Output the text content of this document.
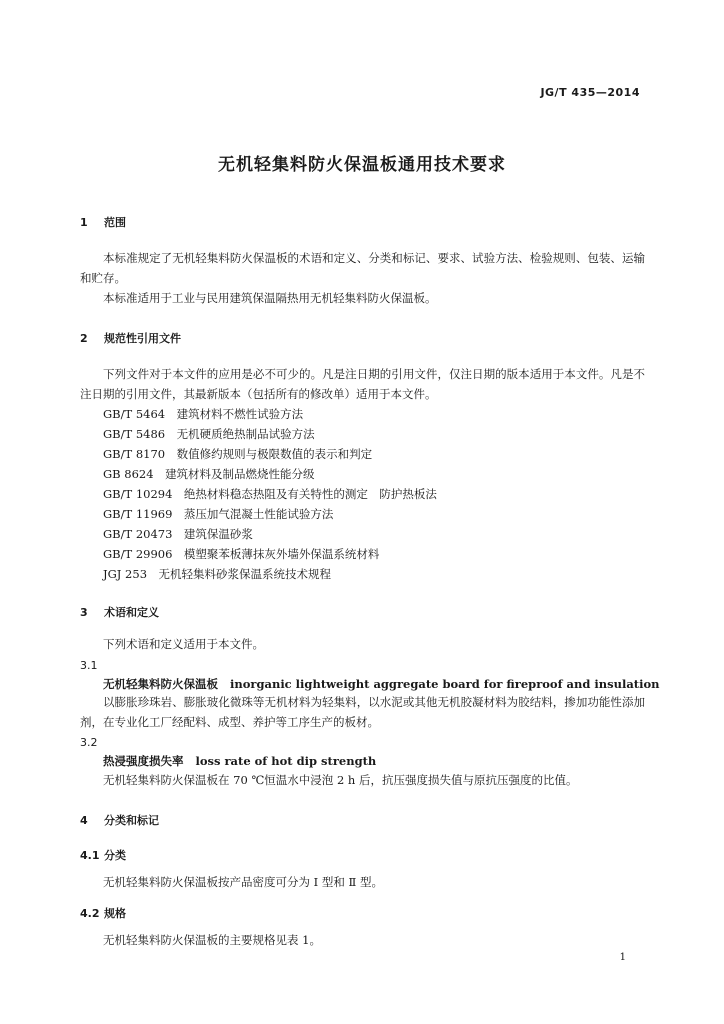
JG/T 435—2014
无机轻集料防火保温板通用技术要求
1 范围
本标准规定了无机轻集料防火保温板的术语和定义、分类和标记、要求、试验方法、检验规则、包装、运输和贮存。
本标准适用于工业与民用建筑保温隔热用无机轻集料防火保温板。
2 规范性引用文件
下列文件对于本文件的应用是必不可少的。凡是注日期的引用文件，仅注日期的版本适用于本文件。凡是不注日期的引用文件，其最新版本（包括所有的修改单）适用于本文件。
GB/T 5464　 建筑材料不燃性试验方法
GB/T 5486　 无机硬质绝热制品试验方法
GB/T 8170　 数值修约规则与极限数值的表示和判定
GB 8624　 建筑材料及制品燃烧性能分级
GB/T 10294　 绝热材料稳态热阻及有关特性的测定　防护热板法
GB/T 11969　 蒸压加气混凝土性能试验方法
GB/T 20473　 建筑保温砂浆
GB/T 29906　 模塑聚苯板薄抹灰外墙外保温系统材料
JGJ 253　 无机轻集料砂浆保温系统技术规程
3 术语和定义
下列术语和定义适用于本文件。
3.1
无机轻集料防火保温板 inorganic lightweight aggregate board for fireproof and insulation
以膨胀珍珠岩、膨胀玻化微珠等无机材料为轻集料，以水泥或其他无机胶凝材料为胶结料，掺加功能性添加剂，在专业化工厂经配料、成型、养护等工序生产的板材。
3.2
热浸强度损失率 loss rate of hot dip strength
无机轻集料防火保温板在 70 ℃恒温水中浸泡 2 h 后，抗压强度损失值与原抗压强度的比值。
4 分类和标记
4.1 分类
无机轻集料防火保温板按产品密度可分为 Ⅰ 型和 Ⅱ 型。
4.2 规格
无机轻集料防火保温板的主要规格见表 1。
1
